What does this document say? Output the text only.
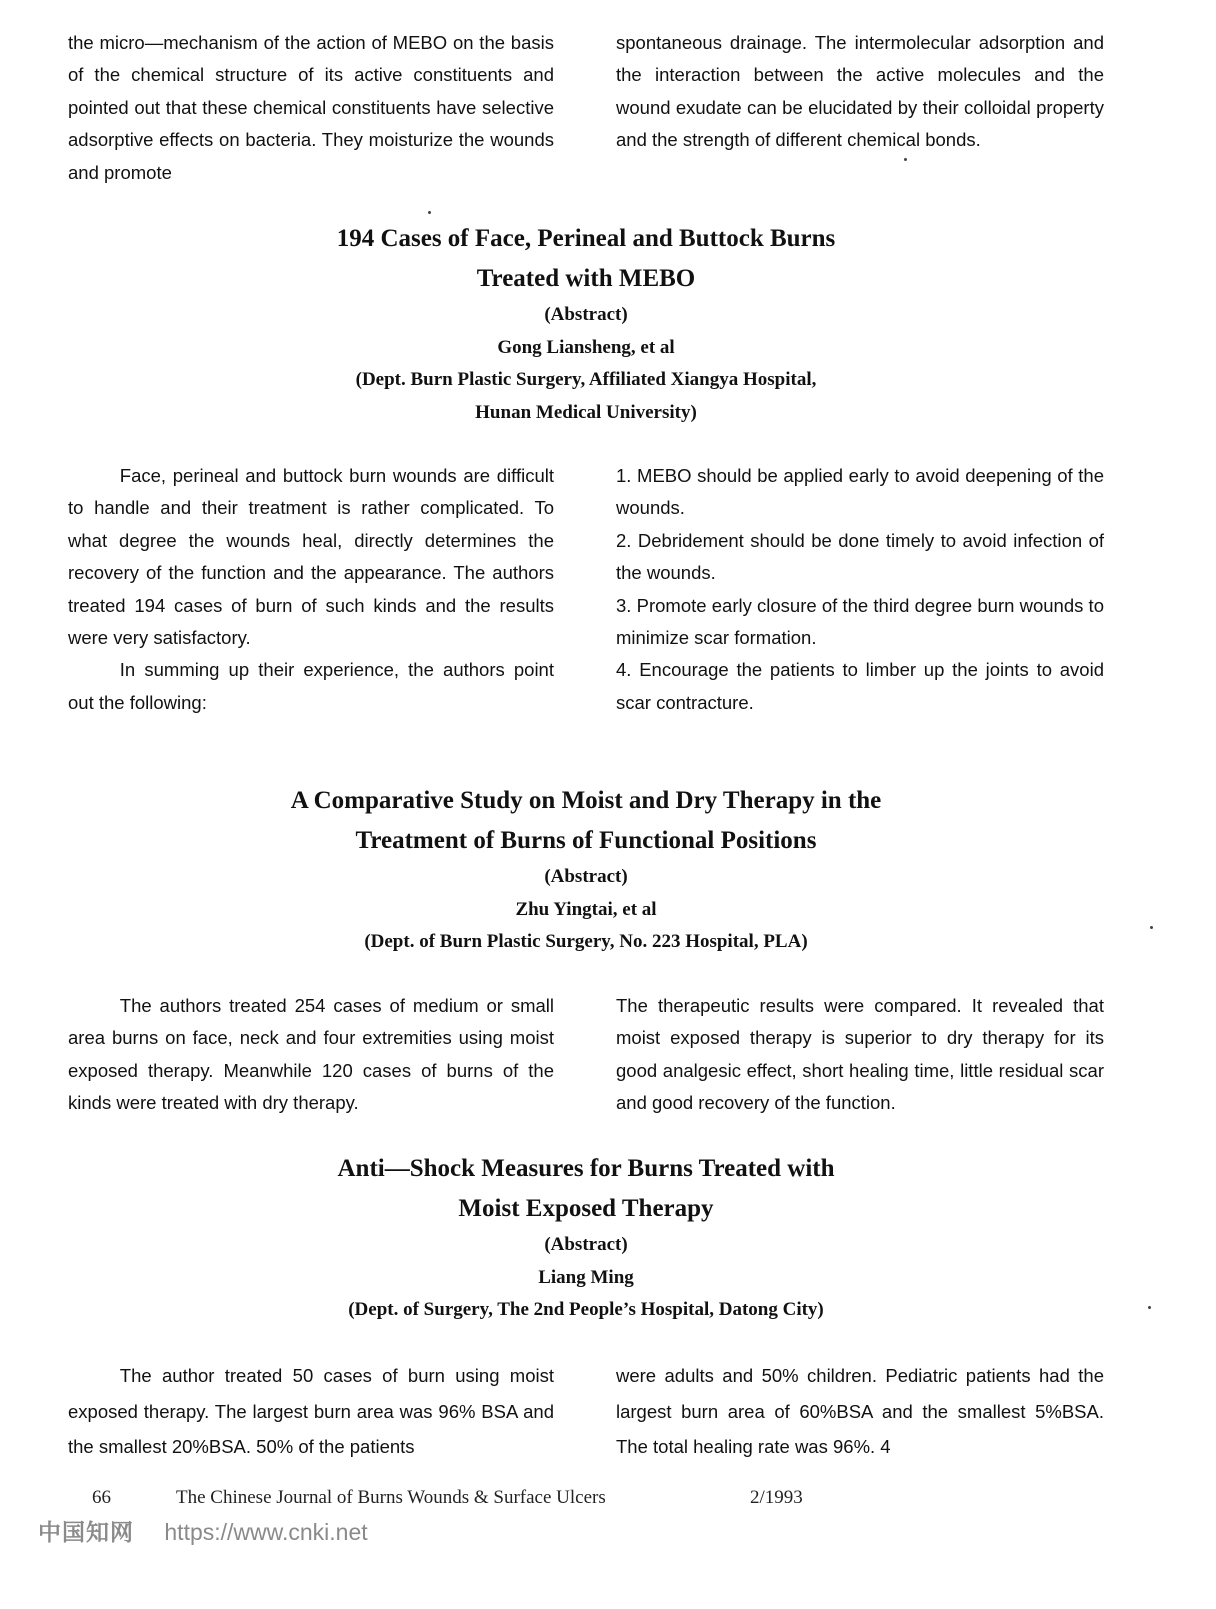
the micro—mechanism of the action of MEBO on the basis of the chemical structure of its active constituents and pointed out that these chemical constituents have selective adsorptive effects on bacteria. They moisturize the wounds and promote

spontaneous drainage. The intermolecular adsorption and the interaction between the active molecules and the wound exudate can be elucidated by their colloidal property and the strength of different chemical bonds.

194 Cases of Face, Perineal and Buttock Burns
Treated with MEBO
(Abstract)
Gong Liansheng, et al
(Dept. Burn Plastic Surgery, Affiliated Xiangya Hospital,
Hunan Medical University)

Face, perineal and buttock burn wounds are difficult to handle and their treatment is rather complicated. To what degree the wounds heal, directly determines the recovery of the function and the appearance. The authors treated 194 cases of burn of such kinds and the results were very satisfactory.

In summing up their experience, the authors point out the following:

1. MEBO should be applied early to avoid deepening of the wounds.

2. Debridement should be done timely to avoid infection of the wounds.

3. Promote early closure of the third degree burn wounds to minimize scar formation.

4. Encourage the patients to limber up the joints to avoid scar contracture.

A Comparative Study on Moist and Dry Therapy in the
Treatment of Burns of Functional Positions
(Abstract)
Zhu Yingtai, et al
(Dept. of Burn Plastic Surgery, No. 223 Hospital, PLA)

The authors treated 254 cases of medium or small area burns on face, neck and four extremities using moist exposed therapy. Meanwhile 120 cases of burns of the kinds were treated with dry therapy.

The therapeutic results were compared. It revealed that moist exposed therapy is superior to dry therapy for its good analgesic effect, short healing time, little residual scar and good recovery of the function.

Anti—Shock Measures for Burns Treated with
Moist Exposed Therapy
(Abstract)
Liang Ming
(Dept. of Surgery, The 2nd People’s Hospital, Datong City)

The author treated 50 cases of burn using moist exposed therapy. The largest burn area was 96% BSA and the smallest 20%BSA. 50% of the patients

were adults and 50% children. Pediatric patients had the largest burn area of 60%BSA and the smallest 5%BSA. The total healing rate was 96%. 4

66	The Chinese Journal of Burns Wounds & Surface Ulcers	2/1993
中国知网 https://www.cnki.net
